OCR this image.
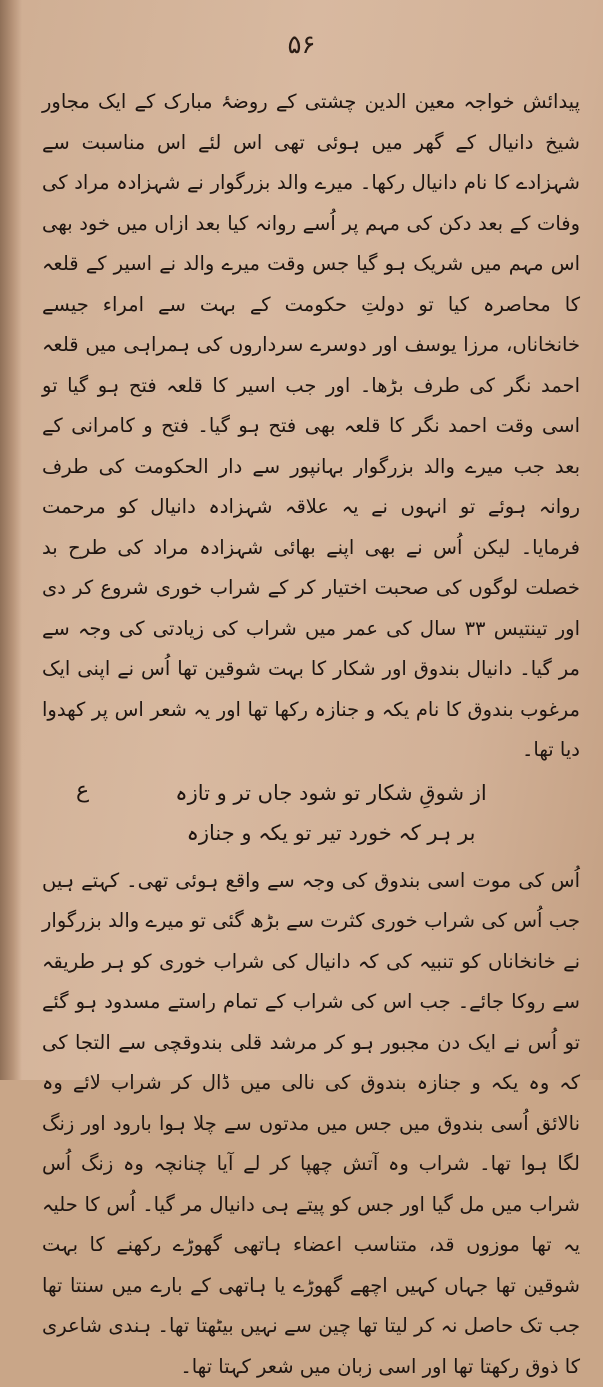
۵۶

پیدائش خواجہ معین الدین چشتی کے روضۂ مبارک کے ایک مجاور شیخ دانیال کے گھر میں ہوئی تھی اس لئے اس مناسبت سے شہزادے کا نام دانیال رکھا۔ میرے والد بزرگوار نے شہزادہ مراد کی وفات کے بعد دکن کی مہم پر اُسے روانہ کیا بعد ازاں میں خود بھی اس مہم میں شریک ہو گیا جس وقت میرے والد نے اسیر کے قلعہ کا محاصرہ کیا تو دولتِ حکومت کے بہت سے امراء جیسے خانخاناں، مرزا یوسف اور دوسرے سرداروں کی ہمراہی میں قلعہ احمد نگر کی طرف بڑھا۔ اور جب اسیر کا قلعہ فتح ہو گیا تو اسی وقت احمد نگر کا قلعہ بھی فتح ہو گیا۔ فتح و کامرانی کے بعد جب میرے والد بزرگوار بہانپور سے دار الحکومت کی طرف روانہ ہوئے تو انہوں نے یہ علاقہ شہزادہ دانیال کو مرحمت فرمایا۔ لیکن اُس نے بھی اپنے بھائی شہزادہ مراد کی طرح بد خصلت لوگوں کی صحبت اختیار کر کے شراب خوری شروع کر دی اور تینتیس ۳۳ سال کی عمر میں شراب کی زیادتی کی وجہ سے مر گیا۔ دانیال بندوق اور شکار کا بہت شوقین تھا اُس نے اپنی ایک مرغوب بندوق کا نام یکہ و جنازہ رکھا تھا اور یہ شعر اس پر کھدوا دیا تھا۔

ع	از شوقِ شکار تو شود جاں تر و تازہ
بر ہر کہ خورد تیر تو یکہ و جنازہ

اُس کی موت اسی بندوق کی وجہ سے واقع ہوئی تھی۔ کہتے ہیں جب اُس کی شراب خوری کثرت سے بڑھ گئی تو میرے والد بزرگوار نے خانخاناں کو تنبیہ کی کہ دانیال کی شراب خوری کو ہر طریقہ سے روکا جائے۔ جب اس کی شراب کے تمام راستے مسدود ہو گئے تو اُس نے ایک دن مجبور ہو کر مرشد قلی بندوقچی سے التجا کی کہ وہ یکہ و جنازہ بندوق کی نالی میں ڈال کر شراب لائے وہ نالائق اُسی بندوق میں جس میں مدتوں سے چلا ہوا بارود اور زنگ لگا ہوا تھا۔ شراب وہ آتش چھپا کر لے آیا چنانچہ وہ زنگ اُس شراب میں مل گیا اور جس کو پیتے ہی دانیال مر گیا۔ اُس کا حلیہ یہ تھا موزوں قد، متناسب اعضاء ہاتھی گھوڑے رکھنے کا بہت شوقین تھا جہاں کہیں اچھے گھوڑے یا ہاتھی کے بارے میں سنتا تھا جب تک حاصل نہ کر لیتا تھا چین سے نہیں بیٹھتا تھا۔ ہندی شاعری کا ذوق رکھتا تھا اور اسی زبان میں شعر کہتا تھا۔
